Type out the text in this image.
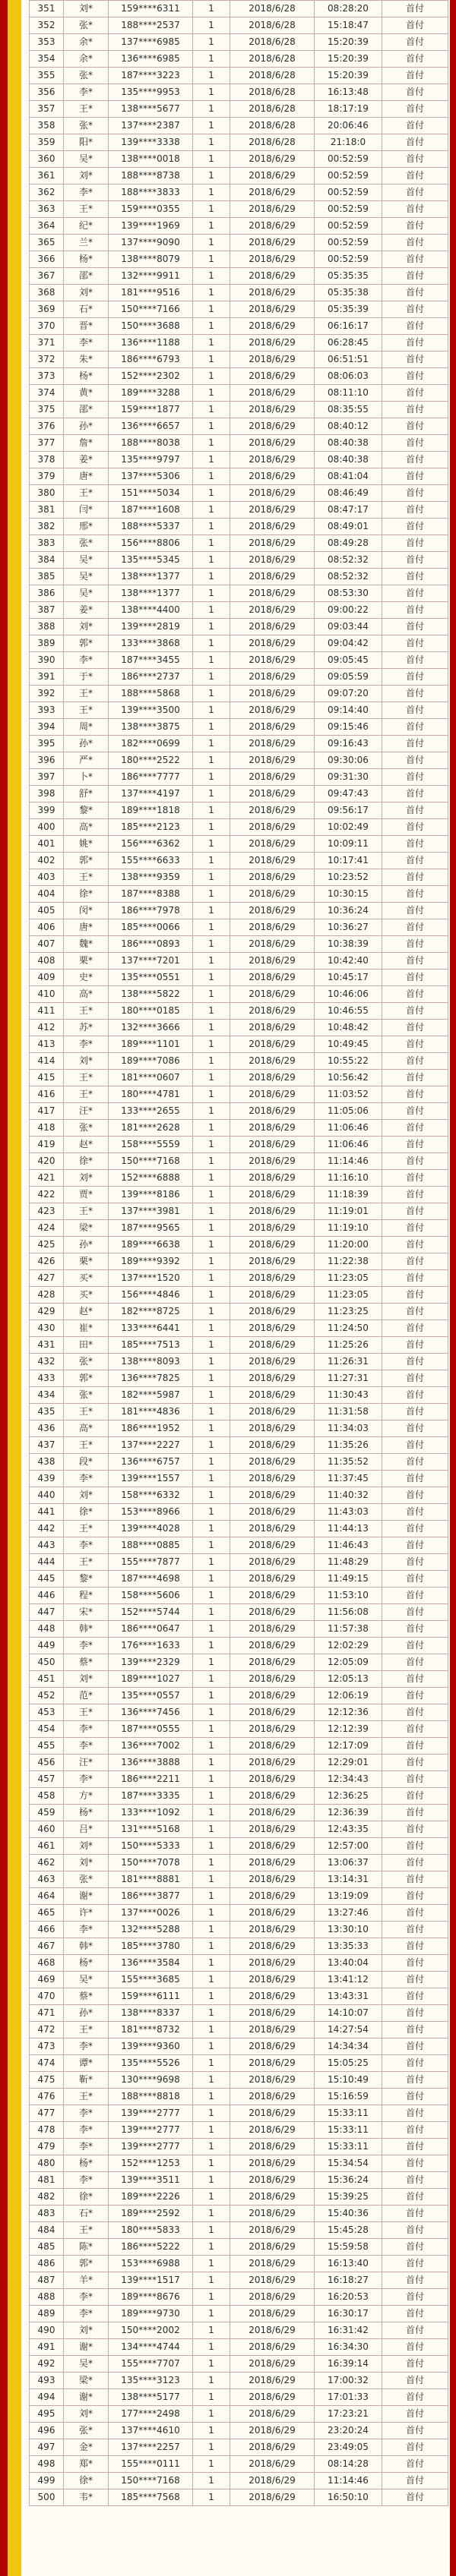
351	刘*	159****6311	1	2018/6/28	08:28:20	首付
352	张*	188****2537	1	2018/6/28	15:18:47	首付
353	余*	137****6985	1	2018/6/28	15:20:39	首付
354	余*	136****6985	1	2018/6/28	15:20:39	首付
355	张*	187****3223	1	2018/6/28	15:20:39	首付
356	李*	135****9953	1	2018/6/28	16:13:48	首付
357	王*	138****5677	1	2018/6/28	18:17:19	首付
358	张*	137****2387	1	2018/6/28	20:06:46	首付
359	阳*	139****3338	1	2018/6/28	21:18:0	首付
360	吴*	138****0018	1	2018/6/29	00:52:59	首付
361	刘*	188****8738	1	2018/6/29	00:52:59	首付
362	李*	188****3833	1	2018/6/29	00:52:59	首付
363	王*	159****0355	1	2018/6/29	00:52:59	首付
364	纪*	139****1969	1	2018/6/29	00:52:59	首付
365	兰*	137****9090	1	2018/6/29	00:52:59	首付
366	杨*	138****8079	1	2018/6/29	00:52:59	首付
367	邵*	132****9911	1	2018/6/29	05:35:35	首付
368	刘*	181****9516	1	2018/6/29	05:35:38	首付
369	石*	150****7166	1	2018/6/29	05:35:39	首付
370	晋*	150****3688	1	2018/6/29	06:16:17	首付
371	李*	136****1188	1	2018/6/29	06:28:45	首付
372	朱*	186****6793	1	2018/6/29	06:51:51	首付
373	杨*	152****2302	1	2018/6/29	08:06:03	首付
374	黄*	189****3288	1	2018/6/29	08:11:10	首付
375	邵*	159****1877	1	2018/6/29	08:35:55	首付
376	孙*	136****6657	1	2018/6/29	08:40:12	首付
377	詹*	188****8038	1	2018/6/29	08:40:38	首付
378	姜*	135****9797	1	2018/6/29	08:40:38	首付
379	唐*	137****5306	1	2018/6/29	08:41:04	首付
380	王*	151****5034	1	2018/6/29	08:46:49	首付
381	闫*	187****1608	1	2018/6/29	08:47:17	首付
382	邢*	188****5337	1	2018/6/29	08:49:01	首付
383	张*	156****8806	1	2018/6/29	08:49:28	首付
384	吴*	135****5345	1	2018/6/29	08:52:32	首付
385	吴*	138****1377	1	2018/6/29	08:52:32	首付
386	吴*	138****1377	1	2018/6/29	08:53:30	首付
387	姜*	138****4400	1	2018/6/29	09:00:22	首付
388	刘*	139****2819	1	2018/6/29	09:03:44	首付
389	郭*	133****3868	1	2018/6/29	09:04:42	首付
390	李*	187****3455	1	2018/6/29	09:05:45	首付
391	于*	186****2737	1	2018/6/29	09:05:59	首付
392	王*	188****5868	1	2018/6/29	09:07:20	首付
393	王*	139****3500	1	2018/6/29	09:14:40	首付
394	周*	138****3875	1	2018/6/29	09:15:46	首付
395	孙*	182****0699	1	2018/6/29	09:16:43	首付
396	严*	180****2522	1	2018/6/29	09:30:06	首付
397	卜*	186****7777	1	2018/6/29	09:31:30	首付
398	舒*	137****4197	1	2018/6/29	09:47:43	首付
399	黎*	189****1818	1	2018/6/29	09:56:17	首付
400	高*	185****2123	1	2018/6/29	10:02:49	首付
401	姚*	156****6362	1	2018/6/29	10:09:11	首付
402	郭*	155****6633	1	2018/6/29	10:17:41	首付
403	王*	138****9359	1	2018/6/29	10:23:52	首付
404	徐*	187****8388	1	2018/6/29	10:30:15	首付
405	闵*	186****7978	1	2018/6/29	10:36:24	首付
406	唐*	185****0066	1	2018/6/29	10:36:27	首付
407	魏*	186****0893	1	2018/6/29	10:38:39	首付
408	栗*	137****7201	1	2018/6/29	10:42:40	首付
409	史*	135****0551	1	2018/6/29	10:45:17	首付
410	高*	138****5822	1	2018/6/29	10:46:06	首付
411	王*	180****0185	1	2018/6/29	10:46:55	首付
412	苏*	132****3666	1	2018/6/29	10:48:42	首付
413	李*	189****1101	1	2018/6/29	10:49:45	首付
414	刘*	189****7086	1	2018/6/29	10:55:22	首付
415	王*	181****0607	1	2018/6/29	10:56:42	首付
416	王*	180****4781	1	2018/6/29	11:03:52	首付
417	汪*	133****2655	1	2018/6/29	11:05:06	首付
418	张*	181****2628	1	2018/6/29	11:06:46	首付
419	赵*	158****5559	1	2018/6/29	11:06:46	首付
420	徐*	150****7168	1	2018/6/29	11:14:46	首付
421	刘*	152****6888	1	2018/6/29	11:16:10	首付
422	贾*	139****8186	1	2018/6/29	11:18:39	首付
423	王*	137****3981	1	2018/6/29	11:19:01	首付
424	梁*	187****9565	1	2018/6/29	11:19:10	首付
425	孙*	189****6638	1	2018/6/29	11:20:00	首付
426	栗*	189****9392	1	2018/6/29	11:22:38	首付
427	买*	137****1520	1	2018/6/29	11:23:05	首付
428	买*	156****4846	1	2018/6/29	11:23:05	首付
429	赵*	182****8725	1	2018/6/29	11:23:25	首付
430	崔*	133****6441	1	2018/6/29	11:24:50	首付
431	田*	185****7513	1	2018/6/29	11:25:26	首付
432	张*	138****8093	1	2018/6/29	11:26:31	首付
433	郭*	136****7825	1	2018/6/29	11:27:31	首付
434	张*	182****5987	1	2018/6/29	11:30:43	首付
435	王*	181****4836	1	2018/6/29	11:31:58	首付
436	高*	186****1952	1	2018/6/29	11:34:03	首付
437	王*	137****2227	1	2018/6/29	11:35:26	首付
438	段*	136****6757	1	2018/6/29	11:35:52	首付
439	李*	139****1557	1	2018/6/29	11:37:45	首付
440	刘*	158****6332	1	2018/6/29	11:40:32	首付
441	徐*	153****8966	1	2018/6/29	11:43:03	首付
442	王*	139****4028	1	2018/6/29	11:44:13	首付
443	李*	188****0885	1	2018/6/29	11:46:43	首付
444	王*	155****7877	1	2018/6/29	11:48:29	首付
445	黎*	187****4698	1	2018/6/29	11:49:15	首付
446	程*	158****5606	1	2018/6/29	11:53:10	首付
447	宋*	152****5744	1	2018/6/29	11:56:08	首付
448	韩*	186****0647	1	2018/6/29	11:57:38	首付
449	李*	176****1633	1	2018/6/29	12:02:29	首付
450	蔡*	139****2329	1	2018/6/29	12:05:09	首付
451	刘*	189****1027	1	2018/6/29	12:05:13	首付
452	范*	135****0557	1	2018/6/29	12:06:19	首付
453	王*	136****7456	1	2018/6/29	12:12:36	首付
454	李*	187****0555	1	2018/6/29	12:12:39	首付
455	李*	136****7002	1	2018/6/29	12:17:09	首付
456	汪*	136****3888	1	2018/6/29	12:29:01	首付
457	李*	186****2211	1	2018/6/29	12:34:43	首付
458	方*	187****3335	1	2018/6/29	12:36:25	首付
459	杨*	133****1092	1	2018/6/29	12:36:39	首付
460	吕*	131****5168	1	2018/6/29	12:43:35	首付
461	刘*	150****5333	1	2018/6/29	12:57:00	首付
462	刘*	150****7078	1	2018/6/29	13:06:37	首付
463	张*	181****8881	1	2018/6/29	13:14:31	首付
464	谢*	186****3877	1	2018/6/29	13:19:09	首付
465	许*	137****0026	1	2018/6/29	13:27:46	首付
466	李*	132****5288	1	2018/6/29	13:30:10	首付
467	韩*	185****3780	1	2018/6/29	13:35:33	首付
468	杨*	136****3584	1	2018/6/29	13:40:04	首付
469	吴*	155****3685	1	2018/6/29	13:41:12	首付
470	蔡*	159****6111	1	2018/6/29	13:43:31	首付
471	孙*	138****8337	1	2018/6/29	14:10:07	首付
472	王*	181****8732	1	2018/6/29	14:27:54	首付
473	李*	139****9360	1	2018/6/29	14:34:34	首付
474	谭*	135****5526	1	2018/6/29	15:05:25	首付
475	靳*	130****9698	1	2018/6/29	15:10:49	首付
476	王*	188****8818	1	2018/6/29	15:16:59	首付
477	李*	139****2777	1	2018/6/29	15:33:11	首付
478	李*	139****2777	1	2018/6/29	15:33:11	首付
479	李*	139****2777	1	2018/6/29	15:33:11	首付
480	杨*	152****1253	1	2018/6/29	15:34:54	首付
481	李*	139****3511	1	2018/6/29	15:36:24	首付
482	徐*	189****2226	1	2018/6/29	15:39:25	首付
483	石*	189****2592	1	2018/6/29	15:40:36	首付
484	王*	180****5833	1	2018/6/29	15:45:28	首付
485	陈*	186****5222	1	2018/6/29	15:59:58	首付
486	郭*	153****6988	1	2018/6/29	16:13:40	首付
487	羊*	139****1517	1	2018/6/29	16:18:27	首付
488	李*	189****8676	1	2018/6/29	16:20:53	首付
489	李*	189****9730	1	2018/6/29	16:30:17	首付
490	刘*	150****2002	1	2018/6/29	16:31:42	首付
491	谢*	134****4744	1	2018/6/29	16:34:30	首付
492	吴*	155****7707	1	2018/6/29	16:39:14	首付
493	梁*	135****3123	1	2018/6/29	17:00:32	首付
494	谢*	138****5177	1	2018/6/29	17:01:33	首付
495	刘*	177****2498	1	2018/6/29	17:23:21	首付
496	张*	137****4610	1	2018/6/29	23:20:24	首付
497	金*	137****2257	1	2018/6/29	23:49:05	首付
498	郑*	155****0111	1	2018/6/29	08:14:28	首付
499	徐*	150****7168	1	2018/6/29	11:14:46	首付
500	韦*	185****7568	1	2018/6/29	16:50:10	首付
